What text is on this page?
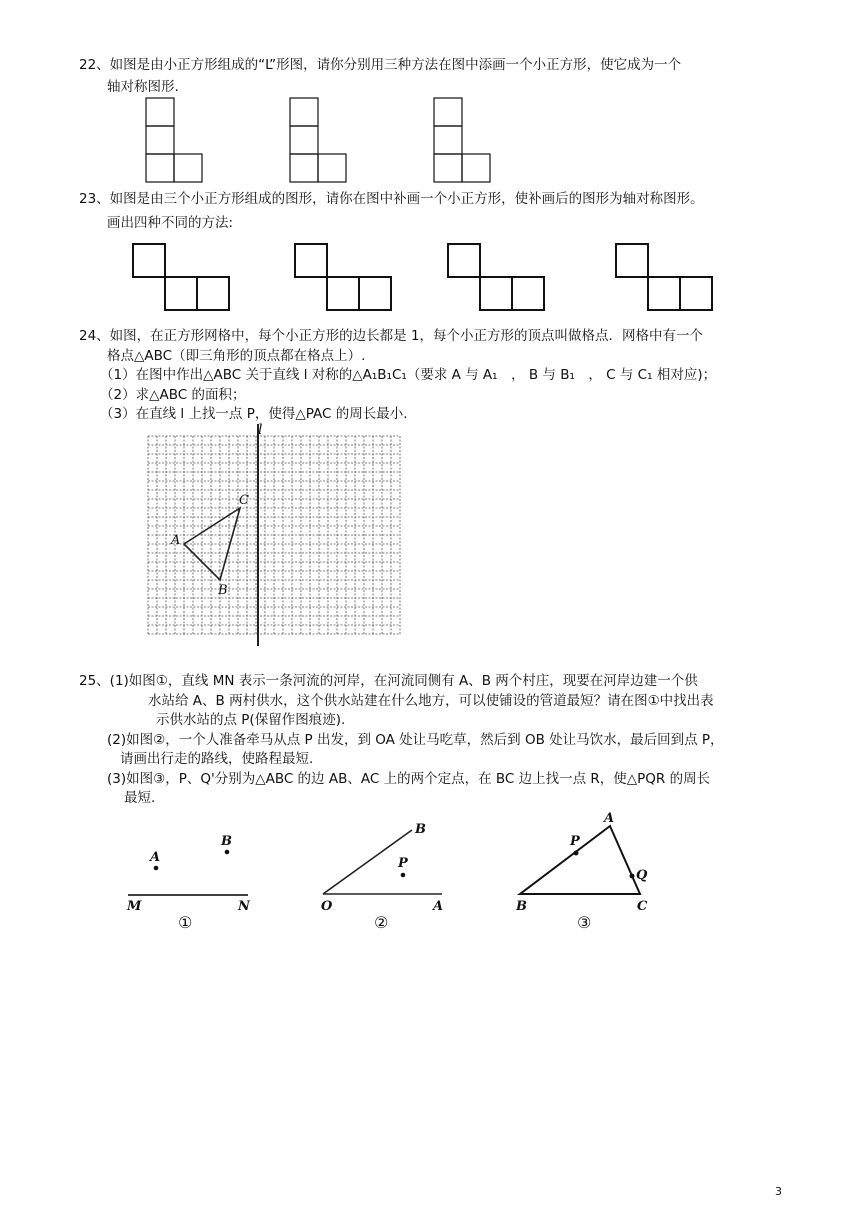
22、如图是由小正方形组成的“L”形图，请你分别用三种方法在图中添画一个小正方形，使它成为一个
轴对称图形.
23、如图是由三个小正方形组成的图形，请你在图中补画一个小正方形，使补画后的图形为轴对称图形。
画出四种不同的方法:
24、如图，在正方形网格中，每个小正方形的边长都是 1，每个小正方形的顶点叫做格点．网格中有一个
格点△ABC（即三角形的顶点都在格点上）.
（1）在图中作出△ABC 关于直线 l 对称的△A₁B₁C₁（要求 A 与 A₁　， B 与 B₁　， C 与 C₁ 相对应)；
（2）求△ABC 的面积；
（3）在直线 l 上找一点 P，使得△PAC 的周长最小.
l
A
B
C
25、(1)如图①，直线 MN 表示一条河流的河岸，在河流同侧有 A、B 两个村庄，现要在河岸边建一个供
水站给 A、B 两村供水，这个供水站建在什么地方，可以使铺设的管道最短？请在图①中找出表
示供水站的点 P(保留作图痕迹).
(2)如图②，一个人准备牵马从点 P 出发，到 OA 处让马吃草，然后到 OB 处让马饮水，最后回到点 P，
请画出行走的路线，使路程最短.
(3)如图③，P、Q'分别为△ABC 的边 AB、AC 上的两个定点，在 BC 边上找一点 R，使△PQR 的周长
最短.
A
B
M	N
①
B
P
O	A
②
A
P
Q
B	C
③
3
